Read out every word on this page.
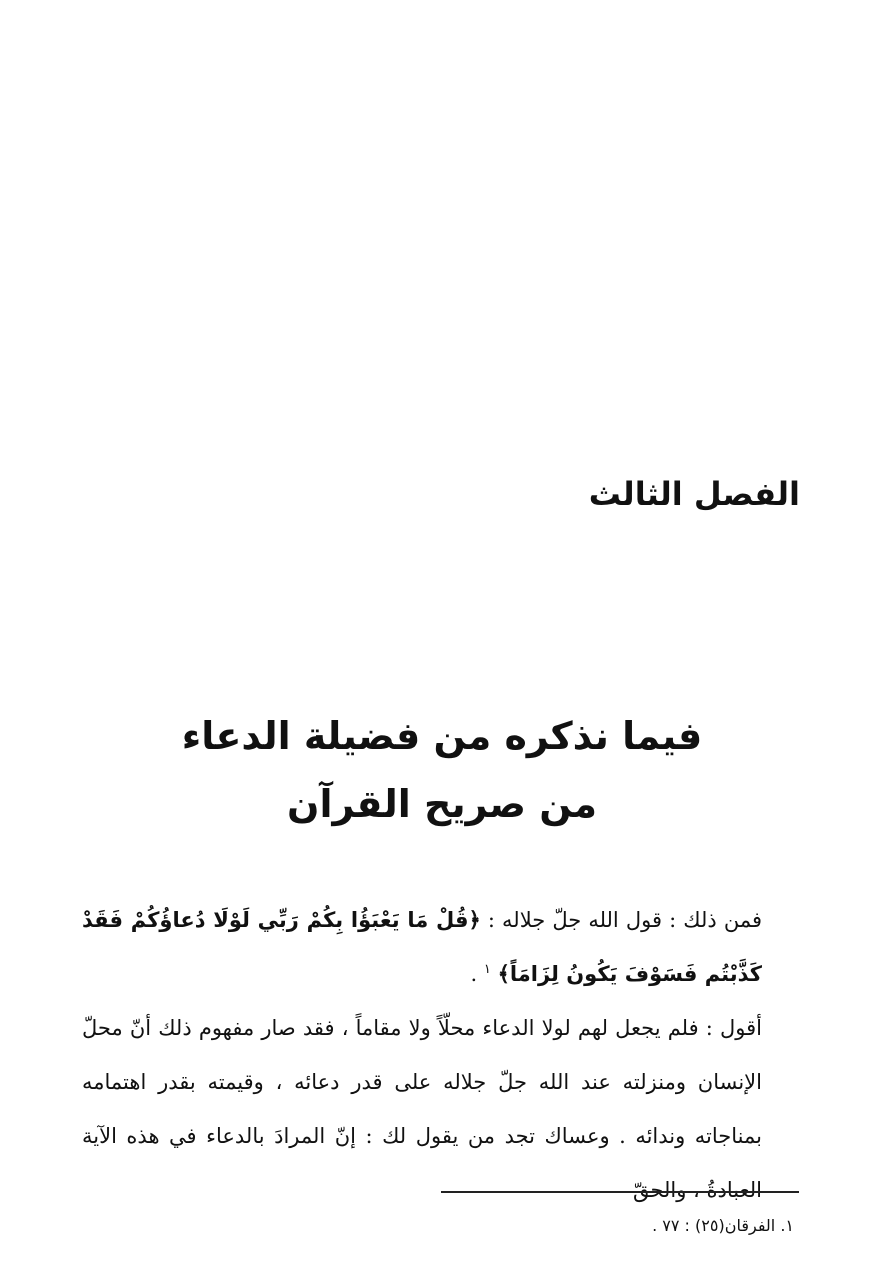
الفصل الثالث
فيما نذكره من فضيلة الدعاء
من صريح القرآن

فمن ذلك : قول الله جلّ جلاله : ﴿قُلْ مَا يَعْبَؤُا بِكُمْ رَبِّي لَوْلَا دُعاؤُكُمْ فَقَدْ كَذَّبْتُم فَسَوْفَ يَكُونُ لِزَامَاً﴾ $^١$ .

أقول : فلم يجعل لهم لولا الدعاء محلّاً ولا مقاماً ، فقد صار مفهوم ذلك أنّ محلّ الإنسان ومنزلته عند الله جلّ جلاله على قدر دعائه ، وقيمته بقدر اهتمامه بمناجاته وندائه . وعساك تجد من يقول لك : إنّ المرادَ بالدعاء في هذه الآية العبادةُ ، والحقّ

١. الفرقان(٢٥) : ٧٧ .
